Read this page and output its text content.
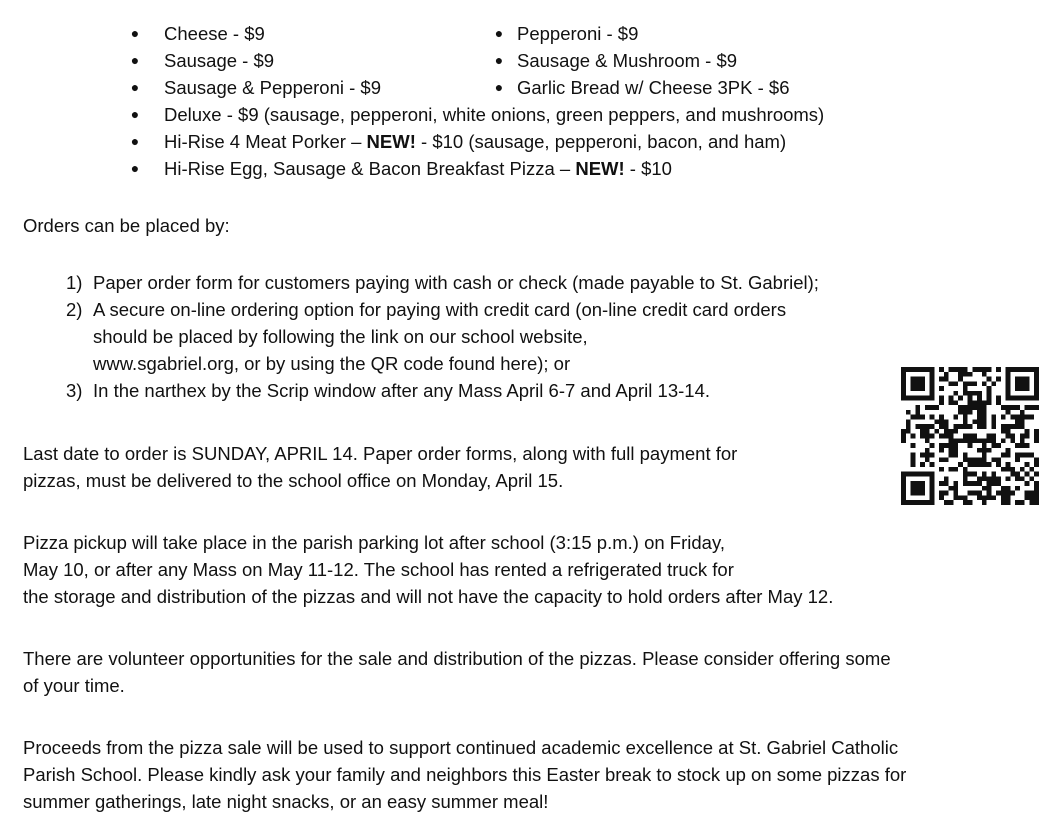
● Cheese - $9	● Pepperoni - $9
● Sausage - $9	● Sausage & Mushroom - $9
● Sausage & Pepperoni - $9	● Garlic Bread w/ Cheese 3PK - $6
● Deluxe - $9 (sausage, pepperoni, white onions, green peppers, and mushrooms)
● Hi-Rise 4 Meat Porker – NEW! - $10 (sausage, pepperoni, bacon, and ham)
● Hi-Rise Egg, Sausage & Bacon Breakfast Pizza – NEW! - $10

Orders can be placed by:

1) Paper order form for customers paying with cash or check (made payable to St. Gabriel);
2) A secure on-line ordering option for paying with credit card (on-line credit card orders
should be placed by following the link on our school website,
www.sgabriel.org, or by using the QR code found here); or
3) In the narthex by the Scrip window after any Mass April 6-7 and April 13-14.
Last date to order is SUNDAY, APRIL 14. Paper order forms, along with full payment for
pizzas, must be delivered to the school office on Monday, April 15.
Pizza pickup will take place in the parish parking lot after school (3:15 p.m.) on Friday,
May 10, or after any Mass on May 11-12. The school has rented a refrigerated truck for
the storage and distribution of the pizzas and will not have the capacity to hold orders after May 12.
There are volunteer opportunities for the sale and distribution of the pizzas. Please consider offering some
of your time.
Proceeds from the pizza sale will be used to support continued academic excellence at St. Gabriel Catholic
Parish School. Please kindly ask your family and neighbors this Easter break to stock up on some pizzas for
summer gatherings, late night snacks, or an easy summer meal!
